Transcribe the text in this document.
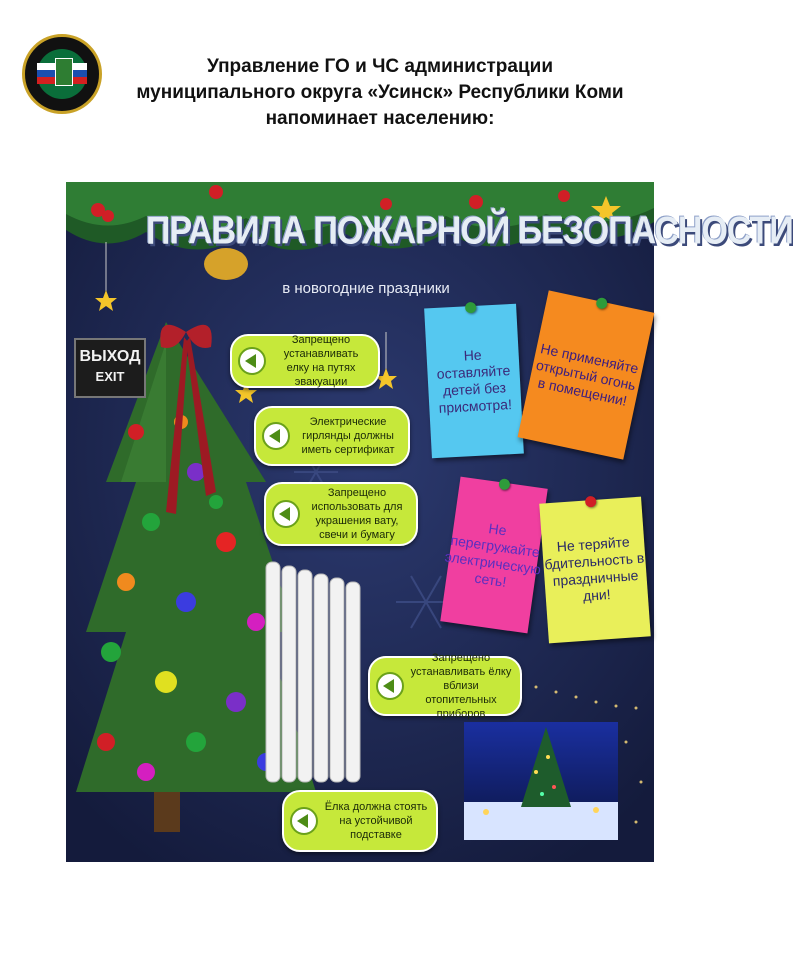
Управление ГО и ЧС администрации
муниципального округа «Усинск» Республики Коми
напоминает населению:
ПРАВИЛА ПОЖАРНОЙ БЕЗОПАСНОСТИ
в новогодние праздники
ВЫХОД
EXIT
Запрещено устанавливать елку на путях эвакуации
Электрические гирлянды должны иметь сертификат
Запрещено использовать для украшения вату, свечи и бумагу
Запрещено устанавливать ёлку вблизи отопительных приборов
Ёлка должна стоять на устойчивой подставке
Не оставляйте детей без присмотра!
Не применяйте открытый огонь в помещении!
Не перегружайте электрическую сеть!
Не теряйте бдительность в праздничные дни!
